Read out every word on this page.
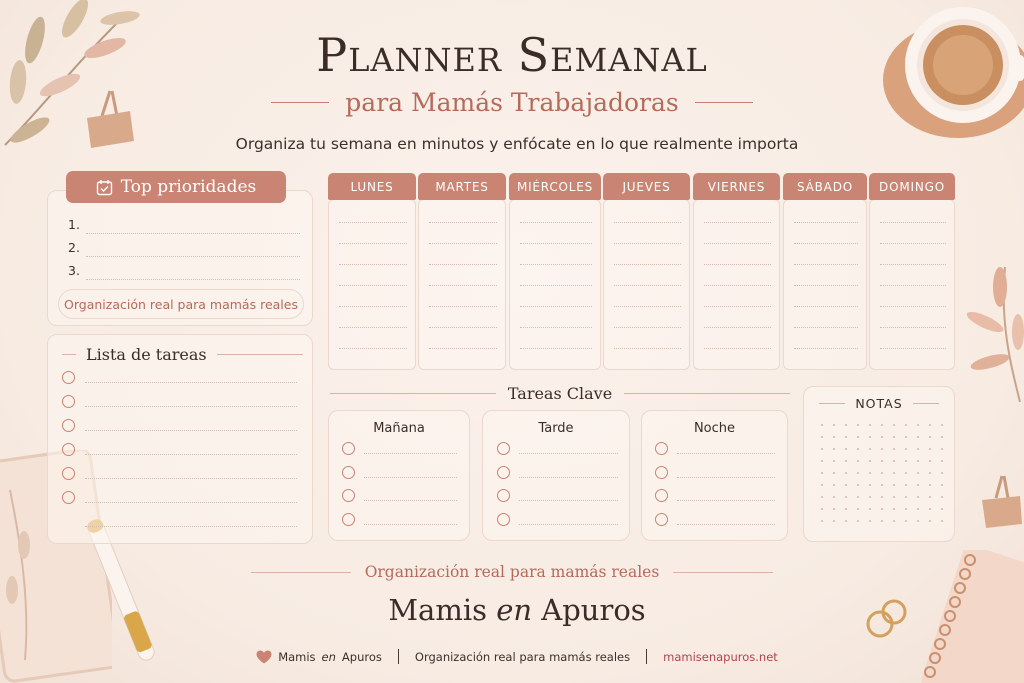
Planner Semanal
para Mamás Trabajadoras
Organiza tu semana en minutos y enfócate en lo que realmente importa
1.
2.
3.
Organización real para mamás reales
Top prioridades
Lista de tareas
LUNES	MARTES	MIÉRCOLES	JUEVES	VIERNES	SÁBADO	DOMINGO
Tareas Clave
Mañana	Tarde	Noche
NOTAS
Organización real para mamás reales
Mamis en Apuros
Mamis en Apuros	Organización real para mamás reales	mamisenapuros.net
